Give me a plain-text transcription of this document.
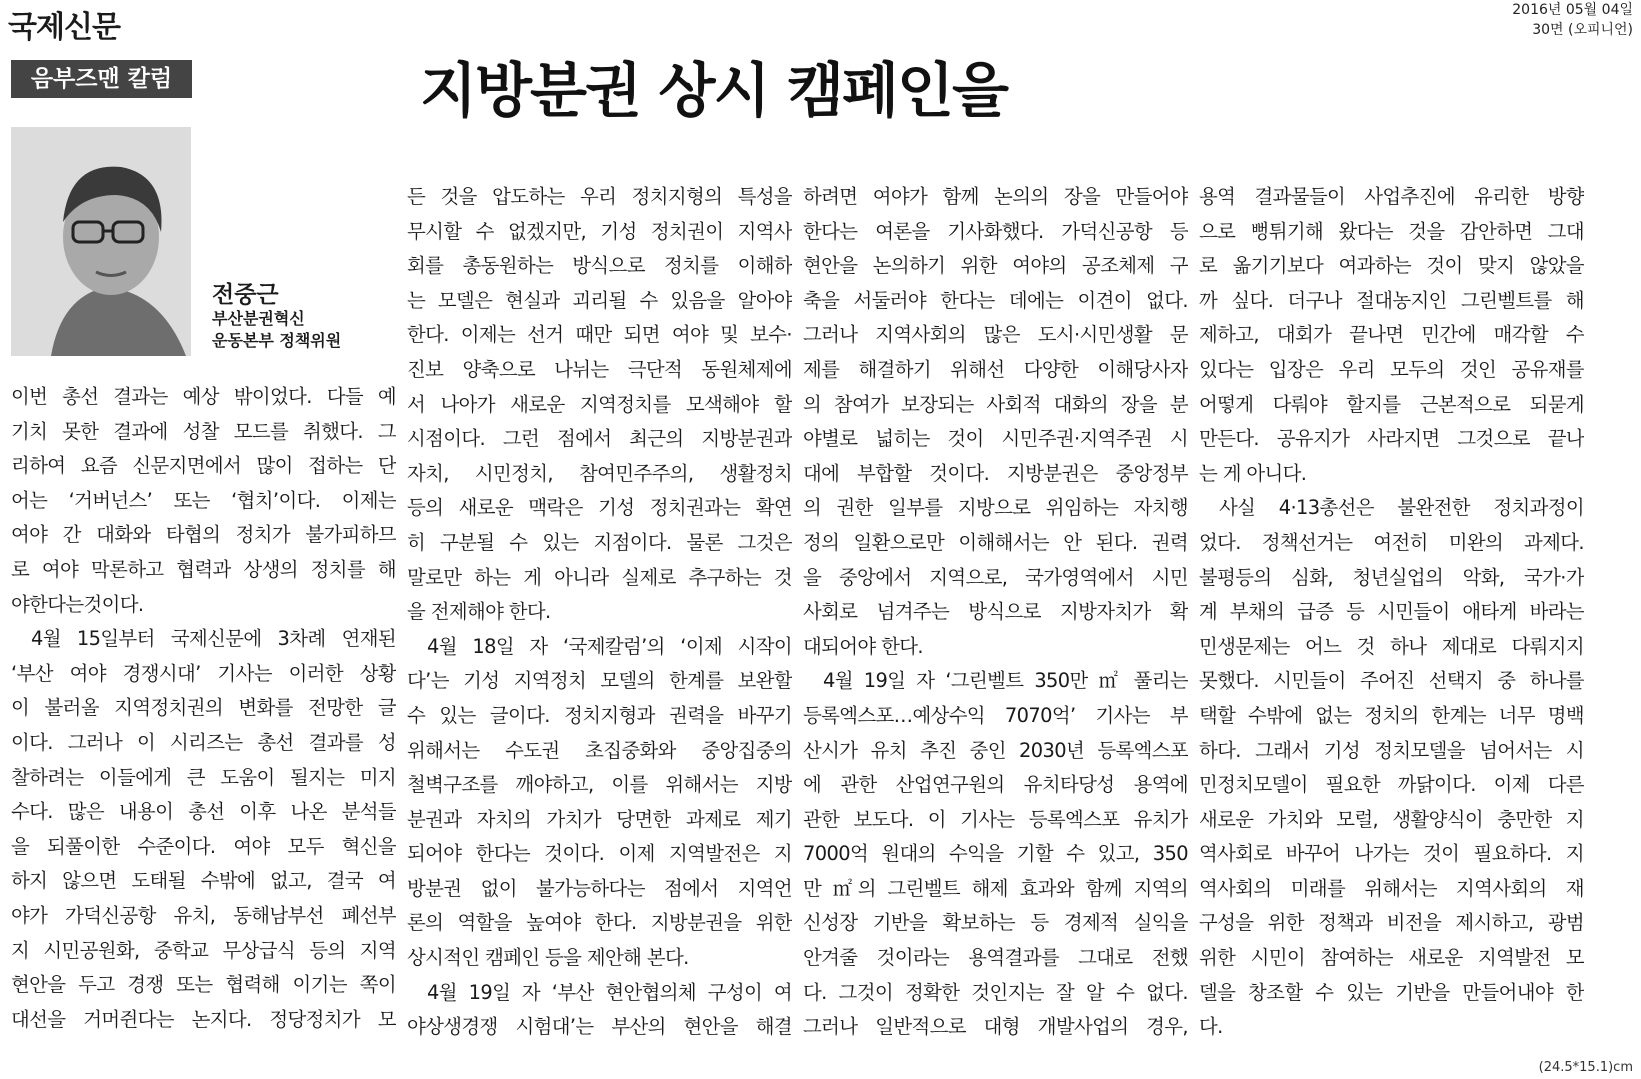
국제신문	2016년 05월 04일
30면 (오피니언)
음부즈맨 칼럼	지방분권 상시 캠페인을
전중근
부산분권혁신
운동본부 정책위원

이번 총선 결과는 예상 밖이었다. 다들 예

기치 못한 결과에 성찰 모드를 취했다. 그

리하여 요즘 신문지면에서 많이 접하는 단

어는 ‘거버넌스’ 또는 ‘협치’이다. 이제는

여야 간 대화와 타협의 정치가 불가피하므

로 여야 막론하고 협력과 상생의 정치를 해

야한다는것이다.

4월 15일부터 국제신문에 3차례 연재된

‘부산 여야 경쟁시대’ 기사는 이러한 상황

이 불러올 지역정치권의 변화를 전망한 글

이다. 그러나 이 시리즈는 총선 결과를 성

찰하려는 이들에게 큰 도움이 될지는 미지

수다. 많은 내용이 총선 이후 나온 분석들

을 되풀이한 수준이다. 여야 모두 혁신을

하지 않으면 도태될 수밖에 없고, 결국 여

야가 가덕신공항 유치, 동해남부선 폐선부

지 시민공원화, 중학교 무상급식 등의 지역

현안을 두고 경쟁 또는 협력해 이기는 쪽이

대선을 거머쥔다는 논지다. 정당정치가 모

든 것을 압도하는 우리 정치지형의 특성을

무시할 수 없겠지만, 기성 정치권이 지역사

회를 총동원하는 방식으로 정치를 이해하

는 모델은 현실과 괴리될 수 있음을 알아야

한다. 이제는 선거 때만 되면 여야 및 보수·

진보 양축으로 나뉘는 극단적 동원체제에

서 나아가 새로운 지역정치를 모색해야 할

시점이다. 그런 점에서 최근의 지방분권과

자치, 시민정치, 참여민주주의, 생활정치

등의 새로운 맥락은 기성 정치권과는 확연

히 구분될 수 있는 지점이다. 물론 그것은

말로만 하는 게 아니라 실제로 추구하는 것

을 전제해야 한다.

4월 18일 자 ‘국제칼럼’의 ‘이제 시작이

다’는 기성 지역정치 모델의 한계를 보완할

수 있는 글이다. 정치지형과 권력을 바꾸기

위해서는 수도권 초집중화와 중앙집중의

철벽구조를 깨야하고, 이를 위해서는 지방

분권과 자치의 가치가 당면한 과제로 제기

되어야 한다는 것이다. 이제 지역발전은 지

방분권 없이 불가능하다는 점에서 지역언

론의 역할을 높여야 한다. 지방분권을 위한

상시적인 캠페인 등을 제안해 본다.

4월 19일 자 ‘부산 현안협의체 구성이 여

야상생경쟁 시험대’는 부산의 현안을 해결

하려면 여야가 함께 논의의 장을 만들어야

한다는 여론을 기사화했다. 가덕신공항 등

현안을 논의하기 위한 여야의 공조체제 구

축을 서둘러야 한다는 데에는 이견이 없다.

그러나 지역사회의 많은 도시·시민생활 문

제를 해결하기 위해선 다양한 이해당사자

의 참여가 보장되는 사회적 대화의 장을 분

야별로 넓히는 것이 시민주권·지역주권 시

대에 부합할 것이다. 지방분권은 중앙정부

의 권한 일부를 지방으로 위임하는 자치행

정의 일환으로만 이해해서는 안 된다. 권력

을 중앙에서 지역으로, 국가영역에서 시민

사회로 넘겨주는 방식으로 지방자치가 확

대되어야 한다.

4월 19일 자 ‘그린벨트 350만 ㎡ 풀리는

등록엑스포…예상수익 7070억’ 기사는 부

산시가 유치 추진 중인 2030년 등록엑스포

에 관한 산업연구원의 유치타당성 용역에

관한 보도다. 이 기사는 등록엑스포 유치가

7000억 원대의 수익을 기할 수 있고, 350

만 ㎡의 그린벨트 해제 효과와 함께 지역의

신성장 기반을 확보하는 등 경제적 실익을

안겨줄 것이라는 용역결과를 그대로 전했

다. 그것이 정확한 것인지는 잘 알 수 없다.

그러나 일반적으로 대형 개발사업의 경우,

용역 결과물들이 사업추진에 유리한 방향

으로 뻥튀기해 왔다는 것을 감안하면 그대

로 옮기기보다 여과하는 것이 맞지 않았을

까 싶다. 더구나 절대농지인 그린벨트를 해

제하고, 대회가 끝나면 민간에 매각할 수

있다는 입장은 우리 모두의 것인 공유재를

어떻게 다뤄야 할지를 근본적으로 되묻게

만든다. 공유지가 사라지면 그것으로 끝나

는 게 아니다.

사실 4·13총선은 불완전한 정치과정이

었다. 정책선거는 여전히 미완의 과제다.

불평등의 심화, 청년실업의 악화, 국가·가

계 부채의 급증 등 시민들이 애타게 바라는

민생문제는 어느 것 하나 제대로 다뤄지지

못했다. 시민들이 주어진 선택지 중 하나를

택할 수밖에 없는 정치의 한계는 너무 명백

하다. 그래서 기성 정치모델을 넘어서는 시

민정치모델이 필요한 까닭이다. 이제 다른

새로운 가치와 모럴, 생활양식이 충만한 지

역사회로 바꾸어 나가는 것이 필요하다. 지

역사회의 미래를 위해서는 지역사회의 재

구성을 위한 정책과 비전을 제시하고, 광범

위한 시민이 참여하는 새로운 지역발전 모

델을 창조할 수 있는 기반을 만들어내야 한

다.

(24.5*15.1)cm
